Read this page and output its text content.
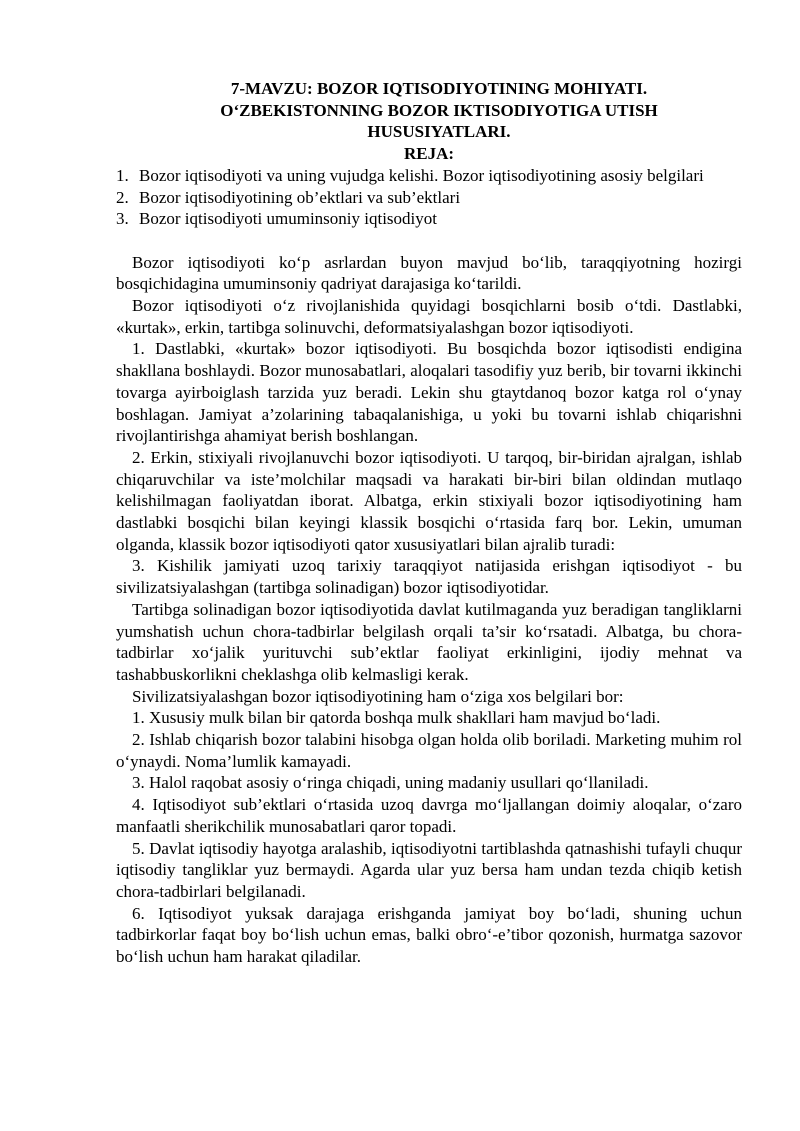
7-MAVZU: BOZOR IQTISODIYOTINING MOHIYATI.
O‘ZBEKISTONNING BOZOR IKTISODIYOTIGA UTISH
HUSUSIYATLARI.
REJA:
1. Bozor iqtisodiyoti va uning vujudga kelishi. Bozor iqtisodiyotining asosiy belgilari
2. Bozor iqtisodiyotining ob’ektlari va sub’ektlari
3. Bozor iqtisodiyoti umuminsoniy iqtisodiyot

Bozor iqtisodiyoti ko‘p asrlardan buyon mavjud bo‘lib, taraqqiyotning hozirgi bosqichidagina umuminsoniy qadriyat darajasiga ko‘tarildi.

Bozor iqtisodiyoti o‘z rivojlanishida quyidagi bosqichlarni bosib o‘tdi. Dastlabki, «kurtak», erkin, tartibga solinuvchi, deformatsiyalashgan bozor iqtisodiyoti.

1. Dastlabki, «kurtak» bozor iqtisodiyoti. Bu bosqichda bozor iqtisodisti endigina shakllana boshlaydi. Bozor munosabatlari, aloqalari tasodifiy yuz berib, bir tovarni ikkinchi tovarga ayirboiglash tarzida yuz beradi. Lekin shu gtaytdanoq bozor katga rol o‘ynay boshlagan. Jamiyat a’zolarining tabaqalanishiga, u yoki bu tovarni ishlab chiqarishni rivojlantirishga ahamiyat berish boshlangan.

2. Erkin, stixiyali rivojlanuvchi bozor iqtisodiyoti. U tarqoq, bir-biridan ajralgan, ishlab chiqaruvchilar va iste’molchilar maqsadi va harakati bir-biri bilan oldindan mutlaqo kelishilmagan faoliyatdan iborat. Albatga, erkin stixiyali bozor iqtisodiyotining ham dastlabki bosqichi bilan keyingi klassik bosqichi o‘rtasida farq bor. Lekin, umuman olganda, klassik bozor iqtisodiyoti qator xususiyatlari bilan ajralib turadi:

3. Kishilik jamiyati uzoq tarixiy taraqqiyot natijasida erishgan iqtisodiyot - bu sivilizatsiyalashgan (tartibga solinadigan) bozor iqtisodiyotidar.

Tartibga solinadigan bozor iqtisodiyotida davlat kutilmaganda yuz beradigan tangliklarni yumshatish uchun chora-tadbirlar belgilash orqali ta’sir ko‘rsatadi. Albatga, bu chora-tadbirlar xo‘jalik yurituvchi sub’ektlar faoliyat erkinligini, ijodiy mehnat va tashabbuskorlikni cheklashga olib kelmasligi kerak.

Sivilizatsiyalashgan bozor iqtisodiyotining ham o‘ziga xos belgilari bor:

1. Xususiy mulk bilan bir qatorda boshqa mulk shakllari ham mavjud bo‘ladi.

2. Ishlab chiqarish bozor talabini hisobga olgan holda olib boriladi. Marketing muhim rol o‘ynaydi. Noma’lumlik kamayadi.

3. Halol raqobat asosiy o‘ringa chiqadi, uning madaniy usullari qo‘llaniladi.

4. Iqtisodiyot sub’ektlari o‘rtasida uzoq davrga mo‘ljallangan doimiy aloqalar, o‘zaro manfaatli sherikchilik munosabatlari qaror topadi.

5. Davlat iqtisodiy hayotga aralashib, iqtisodiyotni tartiblashda qatnashishi tufayli chuqur iqtisodiy tangliklar yuz bermaydi. Agarda ular yuz bersa ham undan tezda chiqib ketish chora-tadbirlari belgilanadi.

6. Iqtisodiyot yuksak darajaga erishganda jamiyat boy bo‘ladi, shuning uchun tadbirkorlar faqat boy bo‘lish uchun emas, balki obro‘-e’tibor qozonish, hurmatga sazovor bo‘lish uchun ham harakat qiladilar.
